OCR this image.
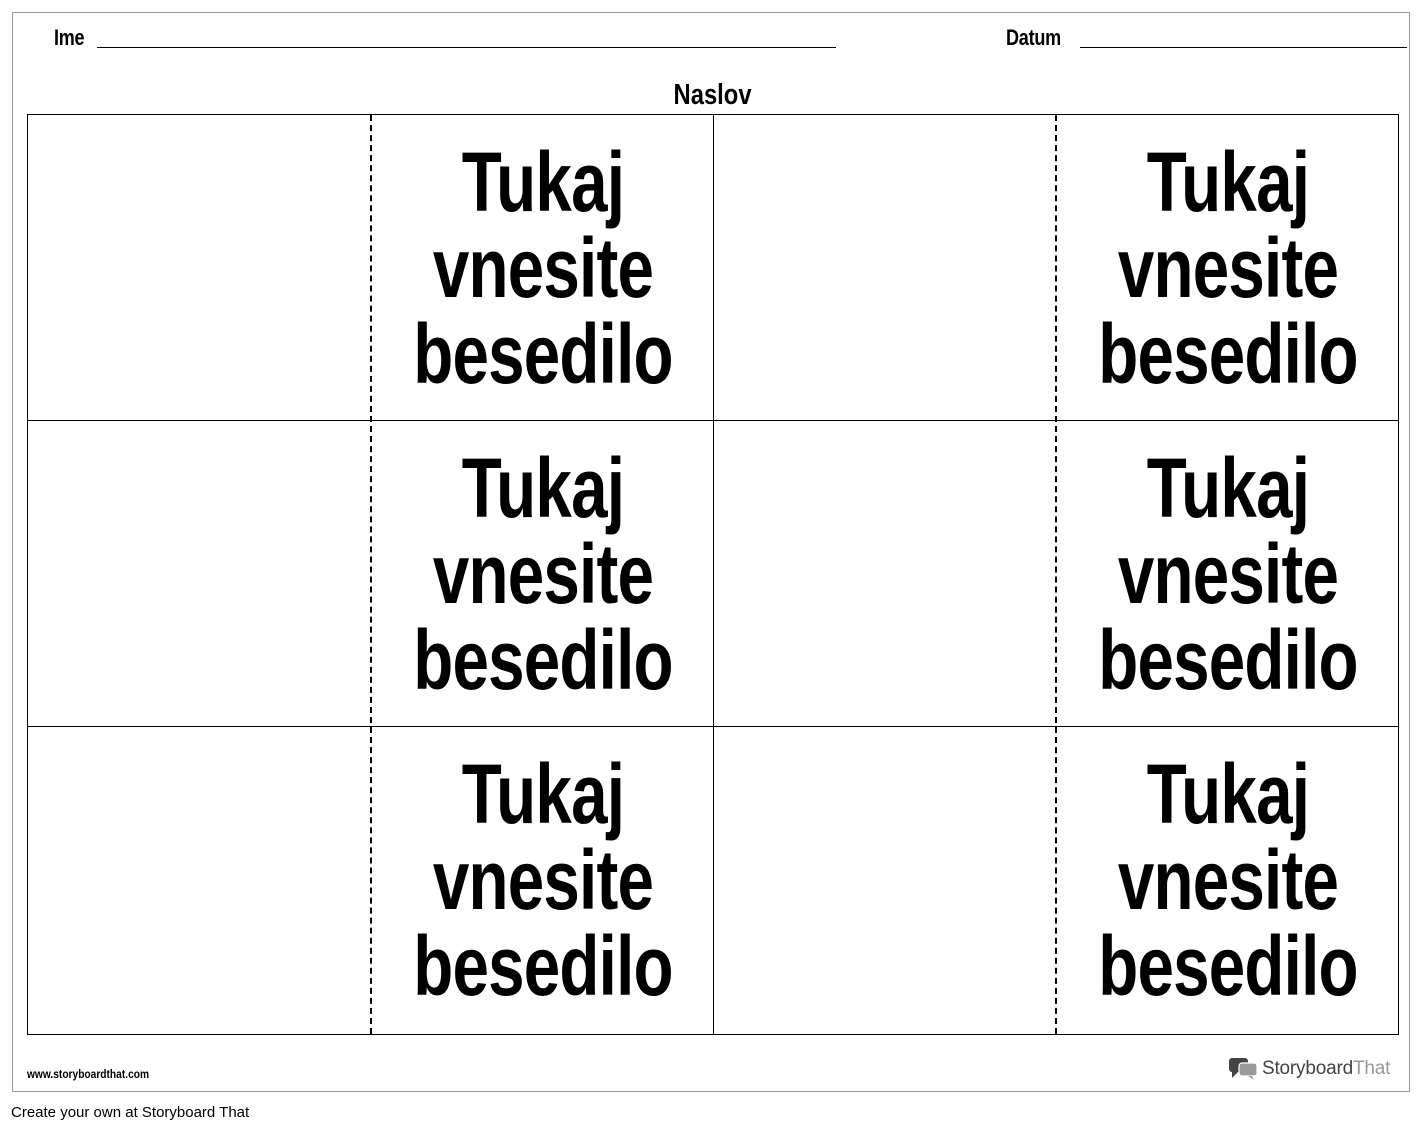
Ime	Datum
Naslov
Tukaj vnesite besedilo
Tukaj vnesite besedilo
Tukaj vnesite besedilo
Tukaj vnesite besedilo
Tukaj vnesite besedilo
Tukaj vnesite besedilo
www.storyboardthat.com	StoryboardThat
Create your own at Storyboard That
